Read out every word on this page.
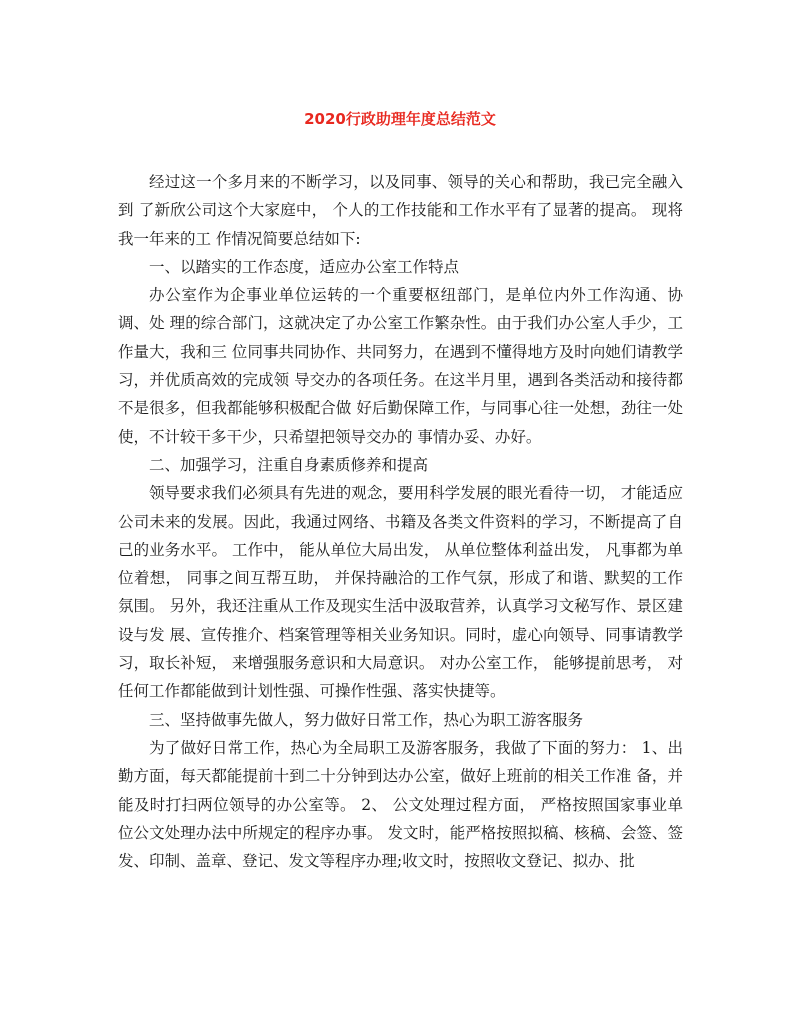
2020行政助理年度总结范文

经过这一个多月来的不断学习，以及同事、领导的关心和帮助，我已完全融入到 了新欣公司这个大家庭中， 个人的工作技能和工作水平有了显著的提高。 现将我一年来的工 作情况简要总结如下:

一、以踏实的工作态度，适应办公室工作特点

办公室作为企事业单位运转的一个重要枢纽部门，是单位内外工作沟通、协调、处 理的综合部门，这就决定了办公室工作繁杂性。由于我们办公室人手少，工作量大，我和三 位同事共同协作、共同努力，在遇到不懂得地方及时向她们请教学习，并优质高效的完成领 导交办的各项任务。在这半月里，遇到各类活动和接待都不是很多，但我都能够积极配合做 好后勤保障工作，与同事心往一处想，劲往一处使，不计较干多干少，只希望把领导交办的 事情办妥、办好。

二、加强学习，注重自身素质修养和提高

领导要求我们必须具有先进的观念，要用科学发展的眼光看待一切， 才能适应公司未来的发展。因此，我通过网络、书籍及各类文件资料的学习，不断提高了自己的业务水平。 工作中， 能从单位大局出发， 从单位整体利益出发， 凡事都为单位着想， 同事之间互帮互助， 并保持融洽的工作气氛，形成了和谐、默契的工作氛围。 另外，我还注重从工作及现实生活中汲取营养，认真学习文秘写作、景区建设与发 展、宣传推介、档案管理等相关业务知识。同时，虚心向领导、同事请教学习，取长补短， 来增强服务意识和大局意识。 对办公室工作， 能够提前思考， 对任何工作都能做到计划性强、可操作性强、落实快捷等。

三、坚持做事先做人，努力做好日常工作，热心为职工游客服务

为了做好日常工作，热心为全局职工及游客服务，我做了下面的努力： 1、出勤方面，每天都能提前十到二十分钟到达办公室，做好上班前的相关工作准 备，并能及时打扫两位领导的办公室等。 2、 公文处理过程方面， 严格按照国家事业单位公文处理办法中所规定的程序办事。 发文时，能严格按照拟稿、核稿、会签、签发、印制、盖章、登记、发文等程序办理;收文时，按照收文登记、拟办、批
